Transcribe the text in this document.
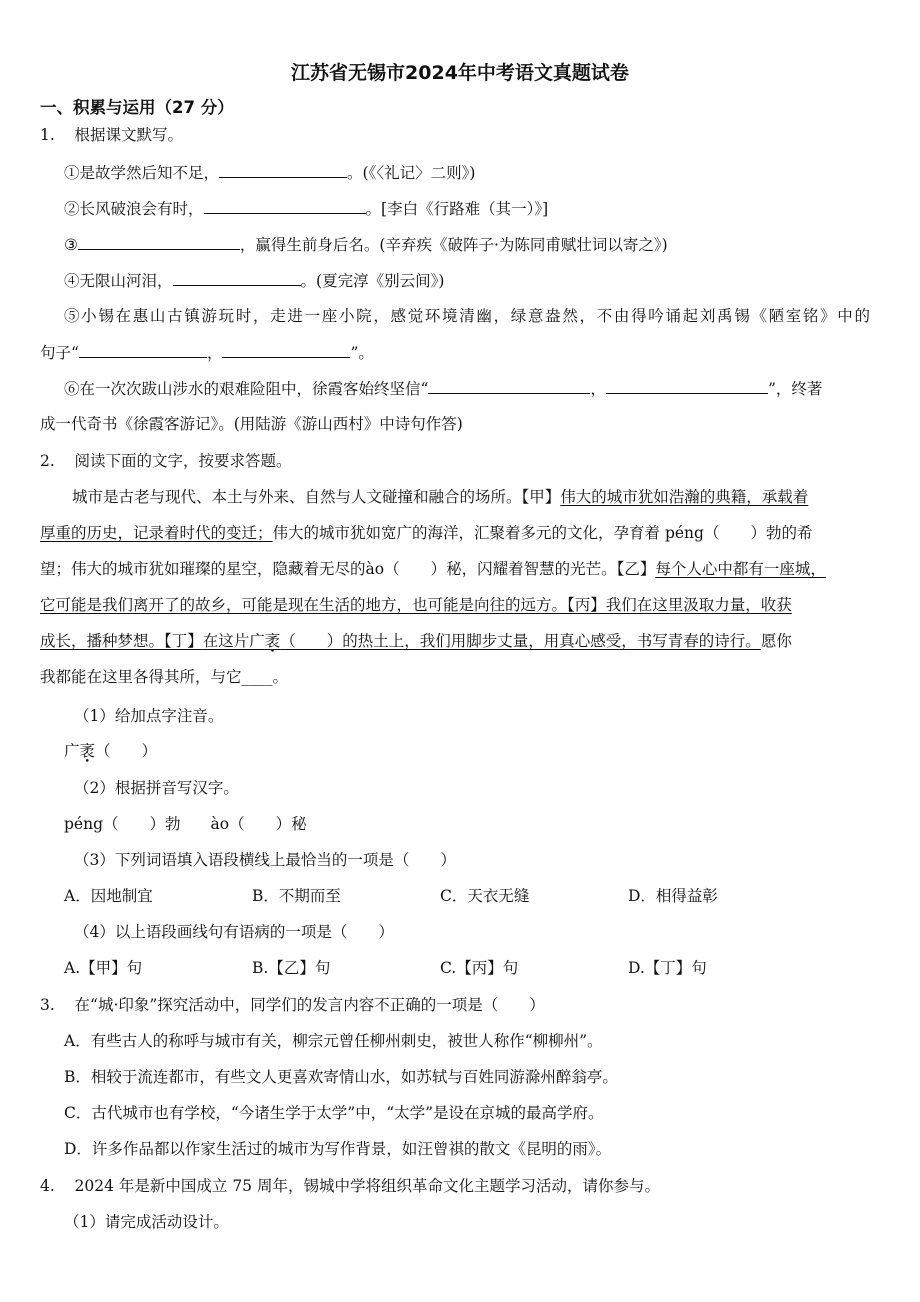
江苏省无锡市2024年中考语文真题试卷
一、积累与运用（27 分）
1. 根据课文默写。
①是故学然后知不足，	。(《〈礼记〉二则》)
②长风破浪会有时，	。[李白《行路难（其一）》]
③	，赢得生前身后名。(辛弃疾《破阵子·为陈同甫赋壮词以寄之》)
④无限山河泪，	。(夏完淳《别云间》)
⑤小锡在惠山古镇游玩时，走进一座小院，感觉环境清幽，绿意盎然，不由得吟诵起刘禹锡《陋室铭》中的
句子“	，	”。
⑥在一次次跋山涉水的艰难险阻中，徐霞客始终坚信“	，	”，终著
成一代奇书《徐霞客游记》。(用陆游《游山西村》中诗句作答)
2. 阅读下面的文字，按要求答题。
城市是古老与现代、本土与外来、自然与人文碰撞和融合的场所。【甲】伟大的城市犹如浩瀚的典籍，承载着
厚重的历史，记录着时代的变迁；伟大的城市犹如宽广的海洋，汇聚着多元的文化，孕育着 péng（　　）勃的希
望；伟大的城市犹如璀璨的星空，隐藏着无尽的ào（　　）秘，闪耀着智慧的光芒。【乙】每个人心中都有一座城，
它可能是我们离开了的故乡，可能是现在生活的地方，也可能是向往的远方。【丙】我们在这里汲取力量，收获
成长，播种梦想。【丁】在这片广袤（　　）的热土上，我们用脚步丈量，用真心感受，书写青春的诗行。愿你
我都能在这里各得其所，与它____。
（1）给加点字注音。
广袤（　　）
（2）根据拼音写汉字。
péng（　　）勃 ào（　　）秘
（3）下列词语填入语段横线上最恰当的一项是（　　）
A．因地制宜	B．不期而至	C．天衣无缝	D．相得益彰
（4）以上语段画线句有语病的一项是（　　）
A.【甲】句	B.【乙】句	C.【丙】句	D.【丁】句
3. 在“城·印象”探究活动中，同学们的发言内容不正确的一项是（　　）
A．有些古人的称呼与城市有关，柳宗元曾任柳州刺史，被世人称作“柳柳州”。
B．相较于流连都市，有些文人更喜欢寄情山水，如苏轼与百姓同游滁州醉翁亭。
C．古代城市也有学校，“今诸生学于太学”中，“太学”是设在京城的最高学府。
D．许多作品都以作家生活过的城市为写作背景，如汪曾祺的散文《昆明的雨》。
4. 2024 年是新中国成立 75 周年，锡城中学将组织革命文化主题学习活动，请你参与。
（1）请完成活动设计。
